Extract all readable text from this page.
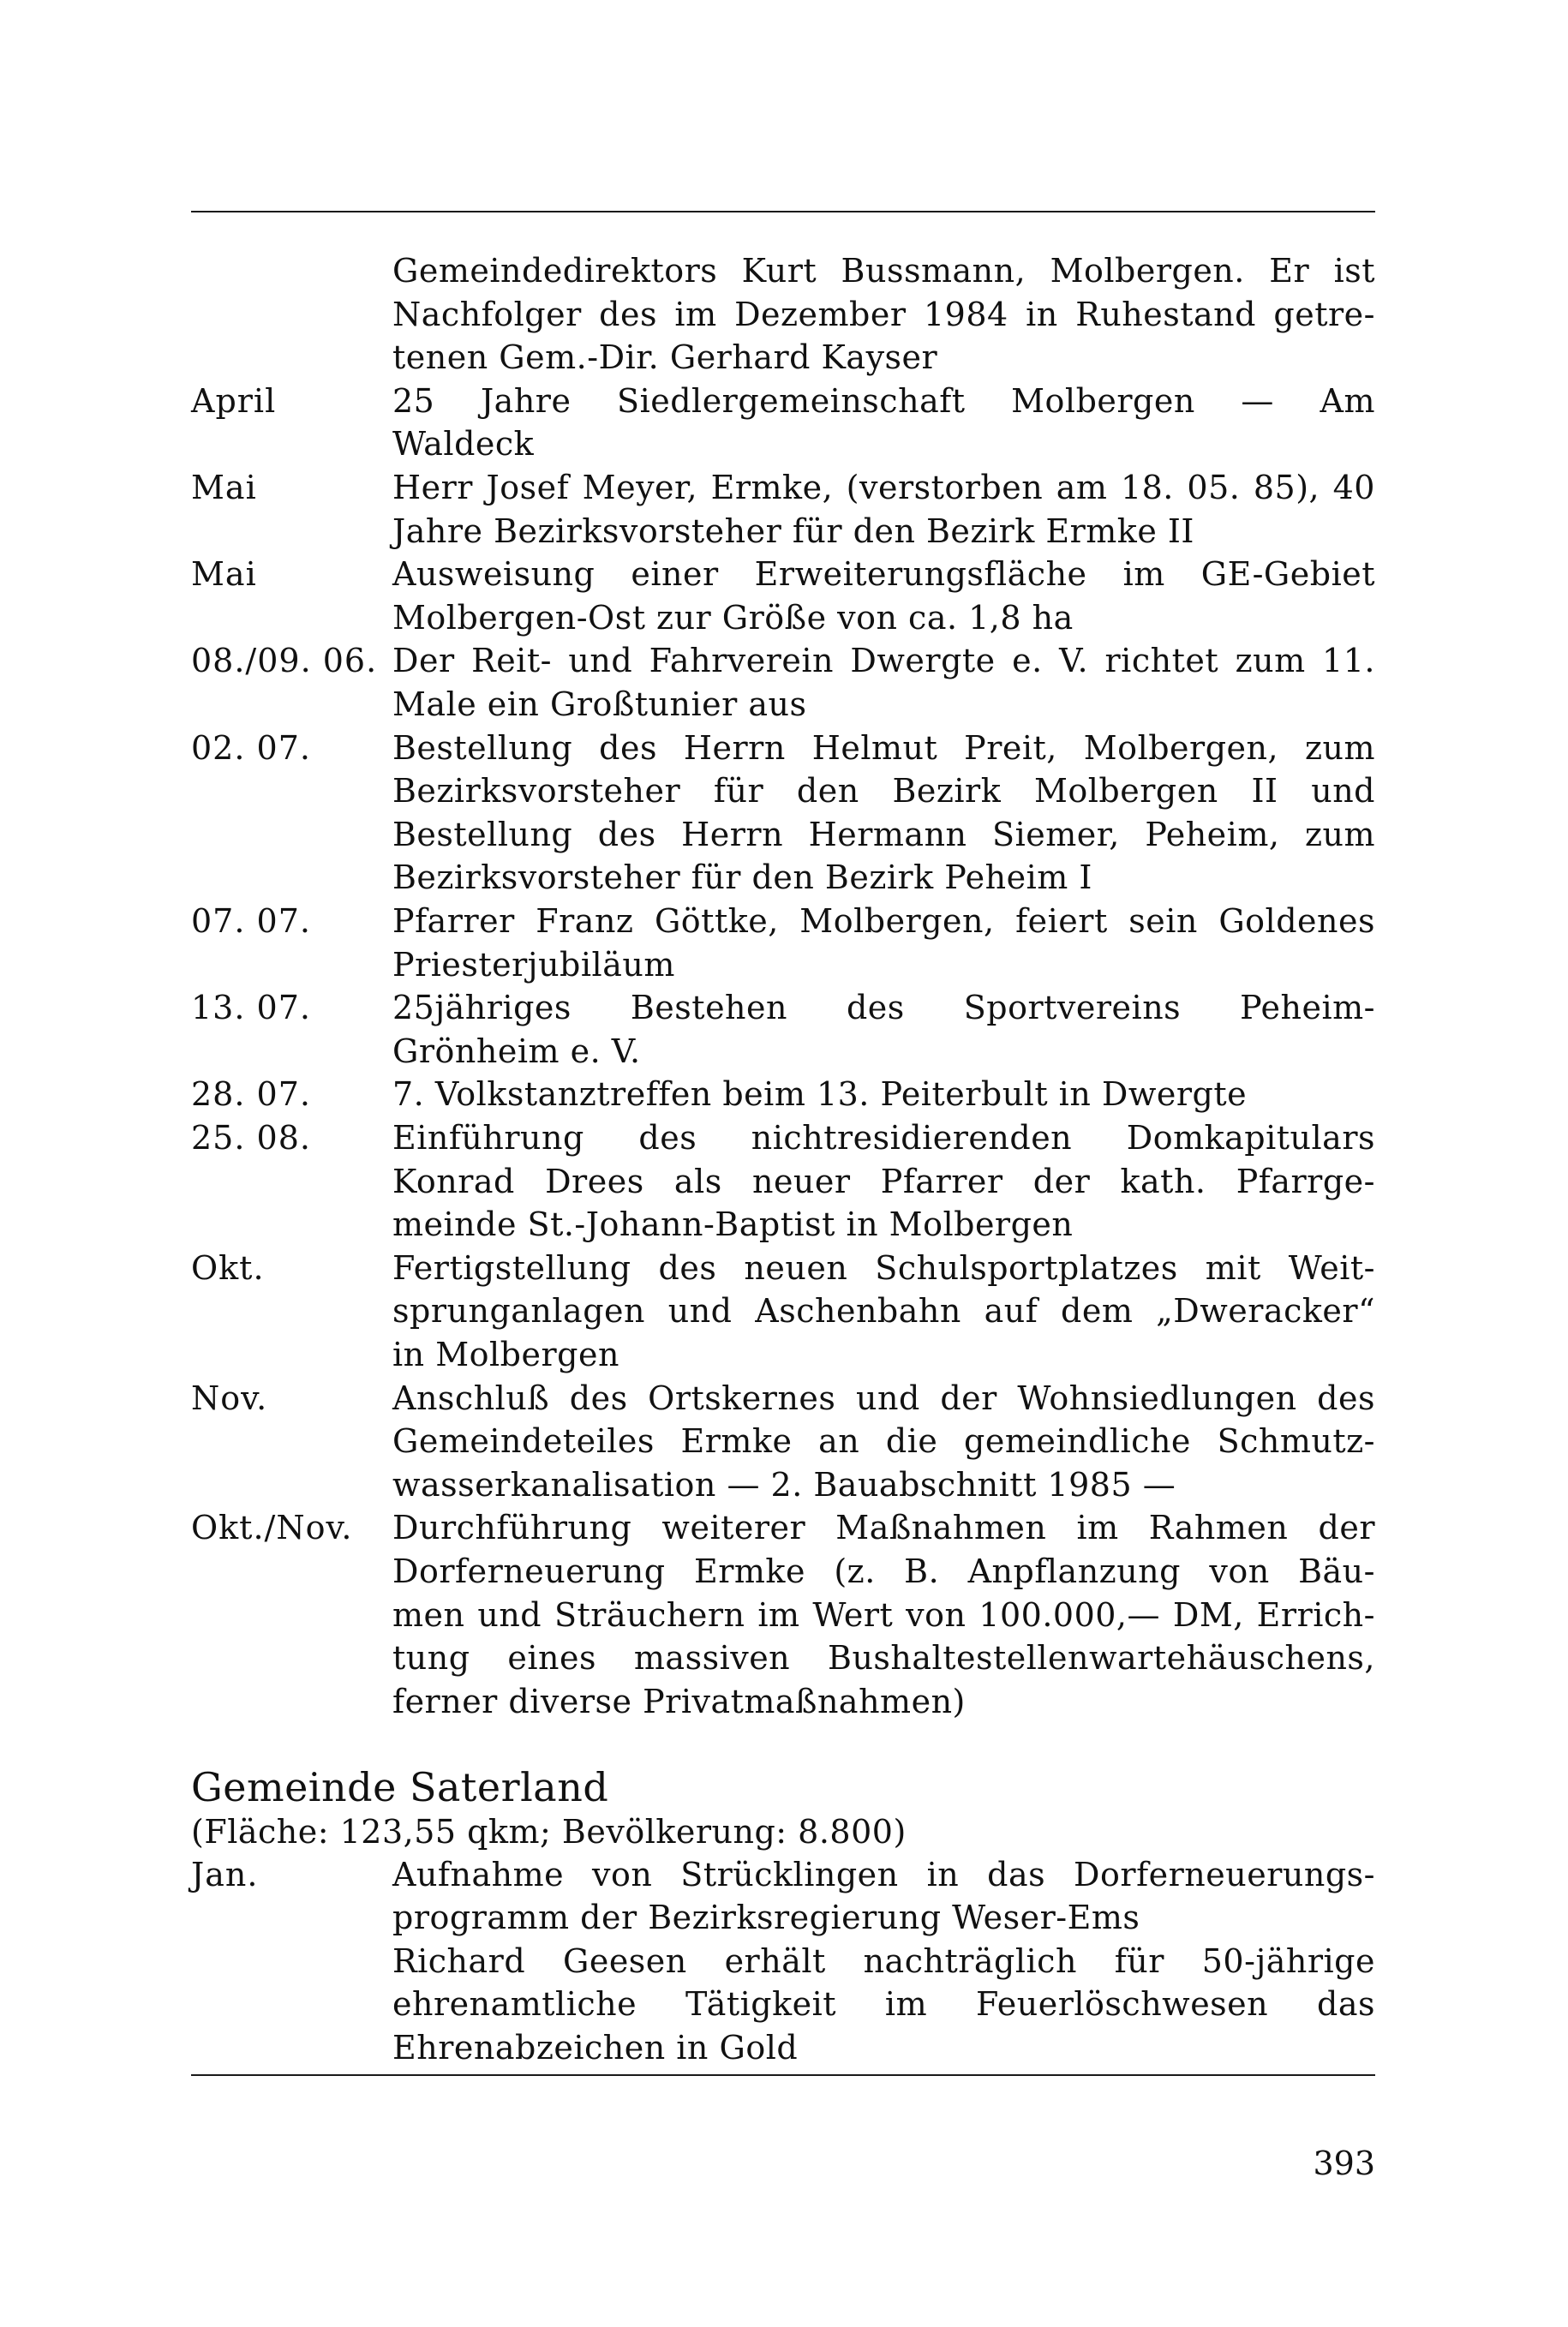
Gemeindedirektors Kurt Bussmann, Molbergen. Er ist
Nachfolger des im Dezember 1984 in Ruhestand getre-
tenen Gem.-Dir. Gerhard Kayser
April	25 Jahre Siedlergemeinschaft Molbergen — Am
Waldeck
Mai	Herr Josef Meyer, Ermke, (verstorben am 18. 05. 85), 40
Jahre Bezirksvorsteher für den Bezirk Ermke II
Mai	Ausweisung einer Erweiterungsfläche im GE-Gebiet
Molbergen-Ost zur Größe von ca. 1,8 ha
08./09. 06. Der Reit- und Fahrverein Dwergte e. V. richtet zum 11.
Male ein Großtunier aus
02. 07.	Bestellung des Herrn Helmut Preit, Molbergen, zum
Bezirksvorsteher für den Bezirk Molbergen II und
Bestellung des Herrn Hermann Siemer, Peheim, zum
Bezirksvorsteher für den Bezirk Peheim I
07. 07.	Pfarrer Franz Göttke, Molbergen, feiert sein Goldenes
Priesterjubiläum
13. 07.	25jähriges Bestehen des Sportvereins Peheim-
Grönheim e. V.
28. 07.	7. Volkstanztreffen beim 13. Peiterbult in Dwergte
25. 08.	Einführung des nichtresidierenden Domkapitulars
Konrad Drees als neuer Pfarrer der kath. Pfarrge-
meinde St.-Johann-Baptist in Molbergen
Okt.	Fertigstellung des neuen Schulsportplatzes mit Weit-
sprunganlagen und Aschenbahn auf dem „Dweracker“
in Molbergen
Nov.	Anschluß des Ortskernes und der Wohnsiedlungen des
Gemeindeteiles Ermke an die gemeindliche Schmutz-
wasserkanalisation — 2. Bauabschnitt 1985 —
Okt./Nov. Durchführung weiterer Maßnahmen im Rahmen der
Dorferneuerung Ermke (z. B. Anpflanzung von Bäu-
men und Sträuchern im Wert von 100.000,— DM, Errich-
tung eines massiven Bushaltestellenwartehäuschens,
ferner diverse Privatmaßnahmen)
Gemeinde Saterland
(Fläche: 123,55 qkm; Bevölkerung: 8.800)
Jan.	Aufnahme von Strücklingen in das Dorferneuerungs-
programm der Bezirksregierung Weser-Ems
Richard Geesen erhält nachträglich für 50-jährige
ehrenamtliche Tätigkeit im Feuerlöschwesen das
Ehrenabzeichen in Gold
393
